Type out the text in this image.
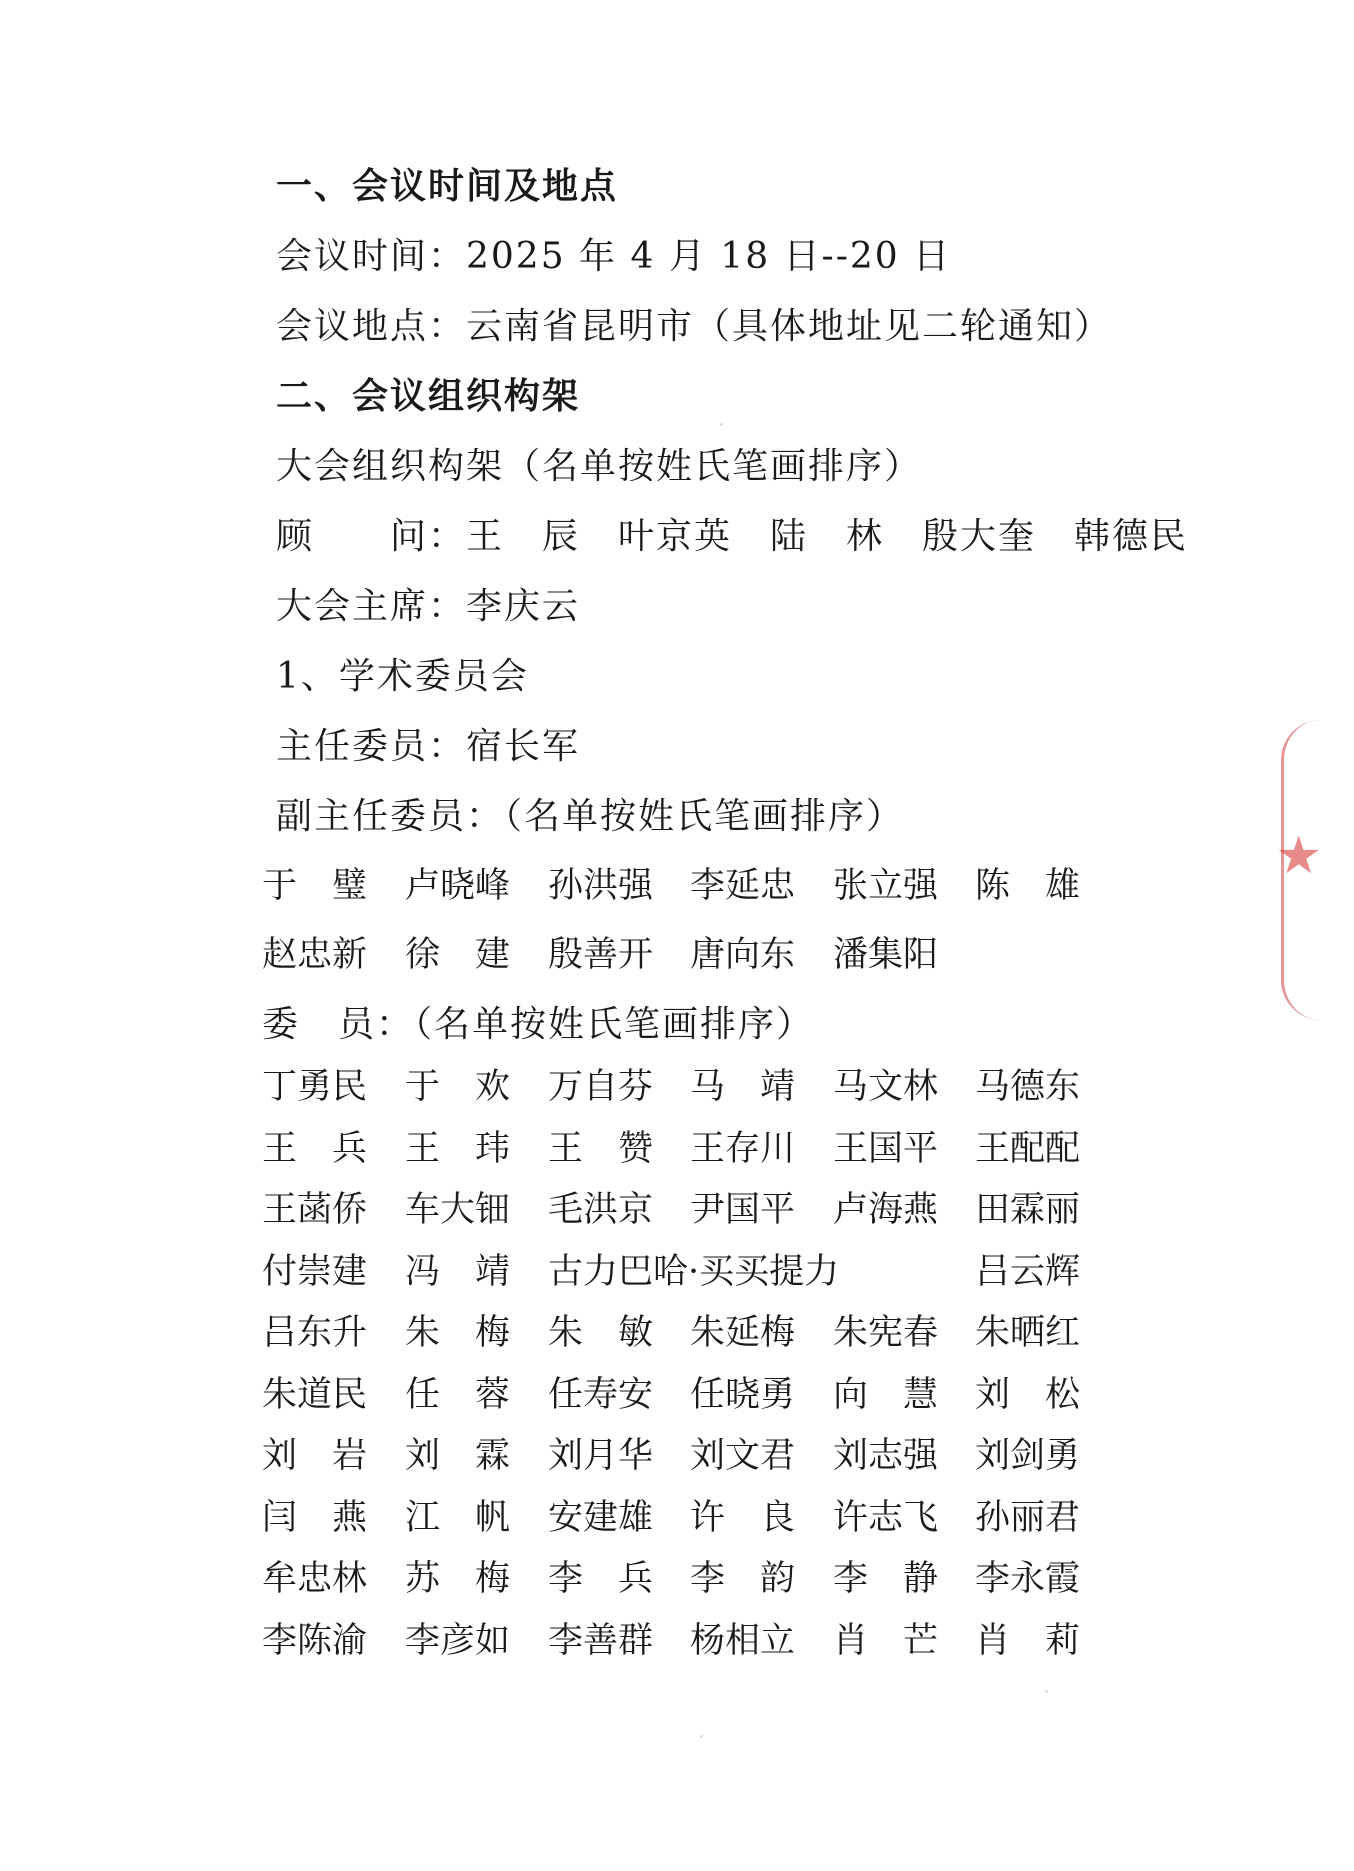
一、会议时间及地点
会议时间：2025 年 4 月 18 日--20 日
会议地点：云南省昆明市（具体地址见二轮通知）
二、会议组织构架
大会组织构架（名单按姓氏笔画排序）
顾　　问：王　辰　叶京英　陆　林　殷大奎　韩德民
大会主席：李庆云
1、学术委员会
主任委员：宿长军
副主任委员：（名单按姓氏笔画排序）
于　璧 卢晓峰 孙洪强 李延忠 张立强 陈　雄
赵忠新 徐　建 殷善开 唐向东 潘集阳
委　员：（名单按姓氏笔画排序）
丁勇民 于　欢 万自芬 马　靖 马文林 马德东
王　兵 王　玮 王　赞 王存川 王国平 王配配
王菡侨 车大钿 毛洪京 尹国平 卢海燕 田霖丽
付崇建 冯　靖 古力巴哈·买买提力	吕云辉
吕东升 朱　梅 朱　敏 朱延梅 朱宪春 朱晒红
朱道民 任　蓉 任寿安 任晓勇 向　慧 刘　松
刘　岩 刘　霖 刘月华 刘文君 刘志强 刘剑勇
闫　燕 江　帆 安建雄 许　良 许志飞 孙丽君
牟忠林 苏　梅 李　兵 李　韵 李　静 李永霞
李陈渝 李彦如 李善群 杨相立 肖　芒 肖　莉
★
